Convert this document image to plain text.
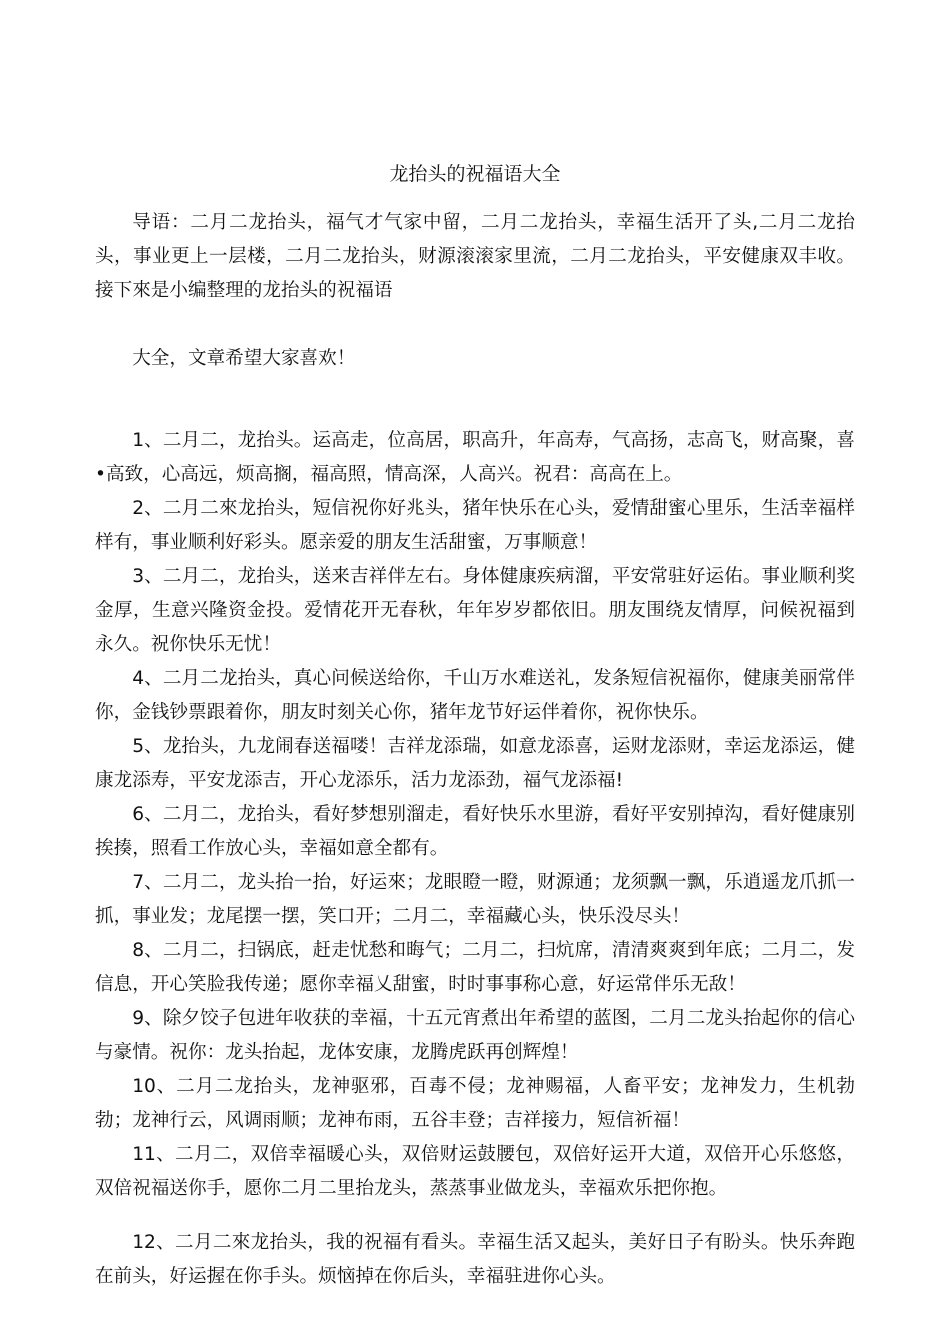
龙抬头的祝福语大全

导语：二月二龙抬头，福气才气家中留，二月二龙抬头，幸福生活开了头,二月二龙抬头，事业更上一层楼，二月二龙抬头，财源滚滚家里流，二月二龙抬头，平安健康双丰收。接下來是小编整理的龙抬头的祝福语

大全，文章希望大家喜欢！

1、二月二，龙抬头。运高走，位高居，职高升，年高寿，气高扬，志高飞，财高聚，喜•高致，心高远，烦高搁，福高照，情高深，人高兴。祝君：高高在上。

2、二月二來龙抬头，短信祝你好兆头，猪年快乐在心头，爱情甜蜜心里乐，生活幸福样样有，事业顺利好彩头。愿亲爱的朋友生活甜蜜，万事顺意！

3、二月二，龙抬头，送来吉祥伴左右。身体健康疾病溜，平安常驻好运佑。事业顺利奖金厚，生意兴隆资金投。爱情花开无春秋，年年岁岁都依旧。朋友围绕友情厚，问候祝福到永久。祝你快乐无忧！

4、二月二龙抬头，真心问候送给你，千山万水难送礼，发条短信祝福你，健康美丽常伴你，金钱钞票跟着你，朋友时刻关心你，猪年龙节好运伴着你，祝你快乐。

5、龙抬头，九龙闹春送福喽！吉祥龙添瑞，如意龙添喜，运财龙添财，幸运龙添运，健康龙添寿，平安龙添吉，开心龙添乐，活力龙添劲，福气龙添福!

6、二月二，龙抬头，看好梦想别溜走，看好快乐水里游，看好平安别掉沟，看好健康别挨揍，照看工作放心头，幸福如意全都有。

7、二月二，龙头抬一抬，好运來；龙眼瞪一瞪，财源通；龙须飘一飘，乐逍遥龙爪抓一抓，事业发；龙尾摆一摆，笑口开；二月二，幸福藏心头，快乐没尽头！

8、二月二，扫锅底，赶走忧愁和晦气；二月二，扫炕席，清清爽爽到年底；二月二，发信息，开心笑脸我传递；愿你幸福乂甜蜜，时时事事称心意，好运常伴乐无敌！

9、除夕饺子包进年收获的幸福，十五元宵煮出年希望的蓝图，二月二龙头抬起你的信心与豪情。祝你：龙头抬起，龙体安康，龙腾虎跃再创辉煌！

10、二月二龙抬头，龙神驱邪，百毒不侵；龙神赐福，人畜平安；龙神发力，生机勃勃；龙神行云，风调雨顺；龙神布雨，五谷丰登；吉祥接力，短信祈福！

11、二月二，双倍幸福暖心头，双倍财运鼓腰包，双倍好运开大道，双倍开心乐悠悠，双倍祝福送你手，愿你二月二里抬龙头，蒸蒸事业做龙头，幸福欢乐把你抱。

12、二月二來龙抬头，我的祝福有看头。幸福生活又起头，美好日子有盼头。快乐奔跑在前头，好运握在你手头。烦恼掉在你后头，幸福驻进你心头。
